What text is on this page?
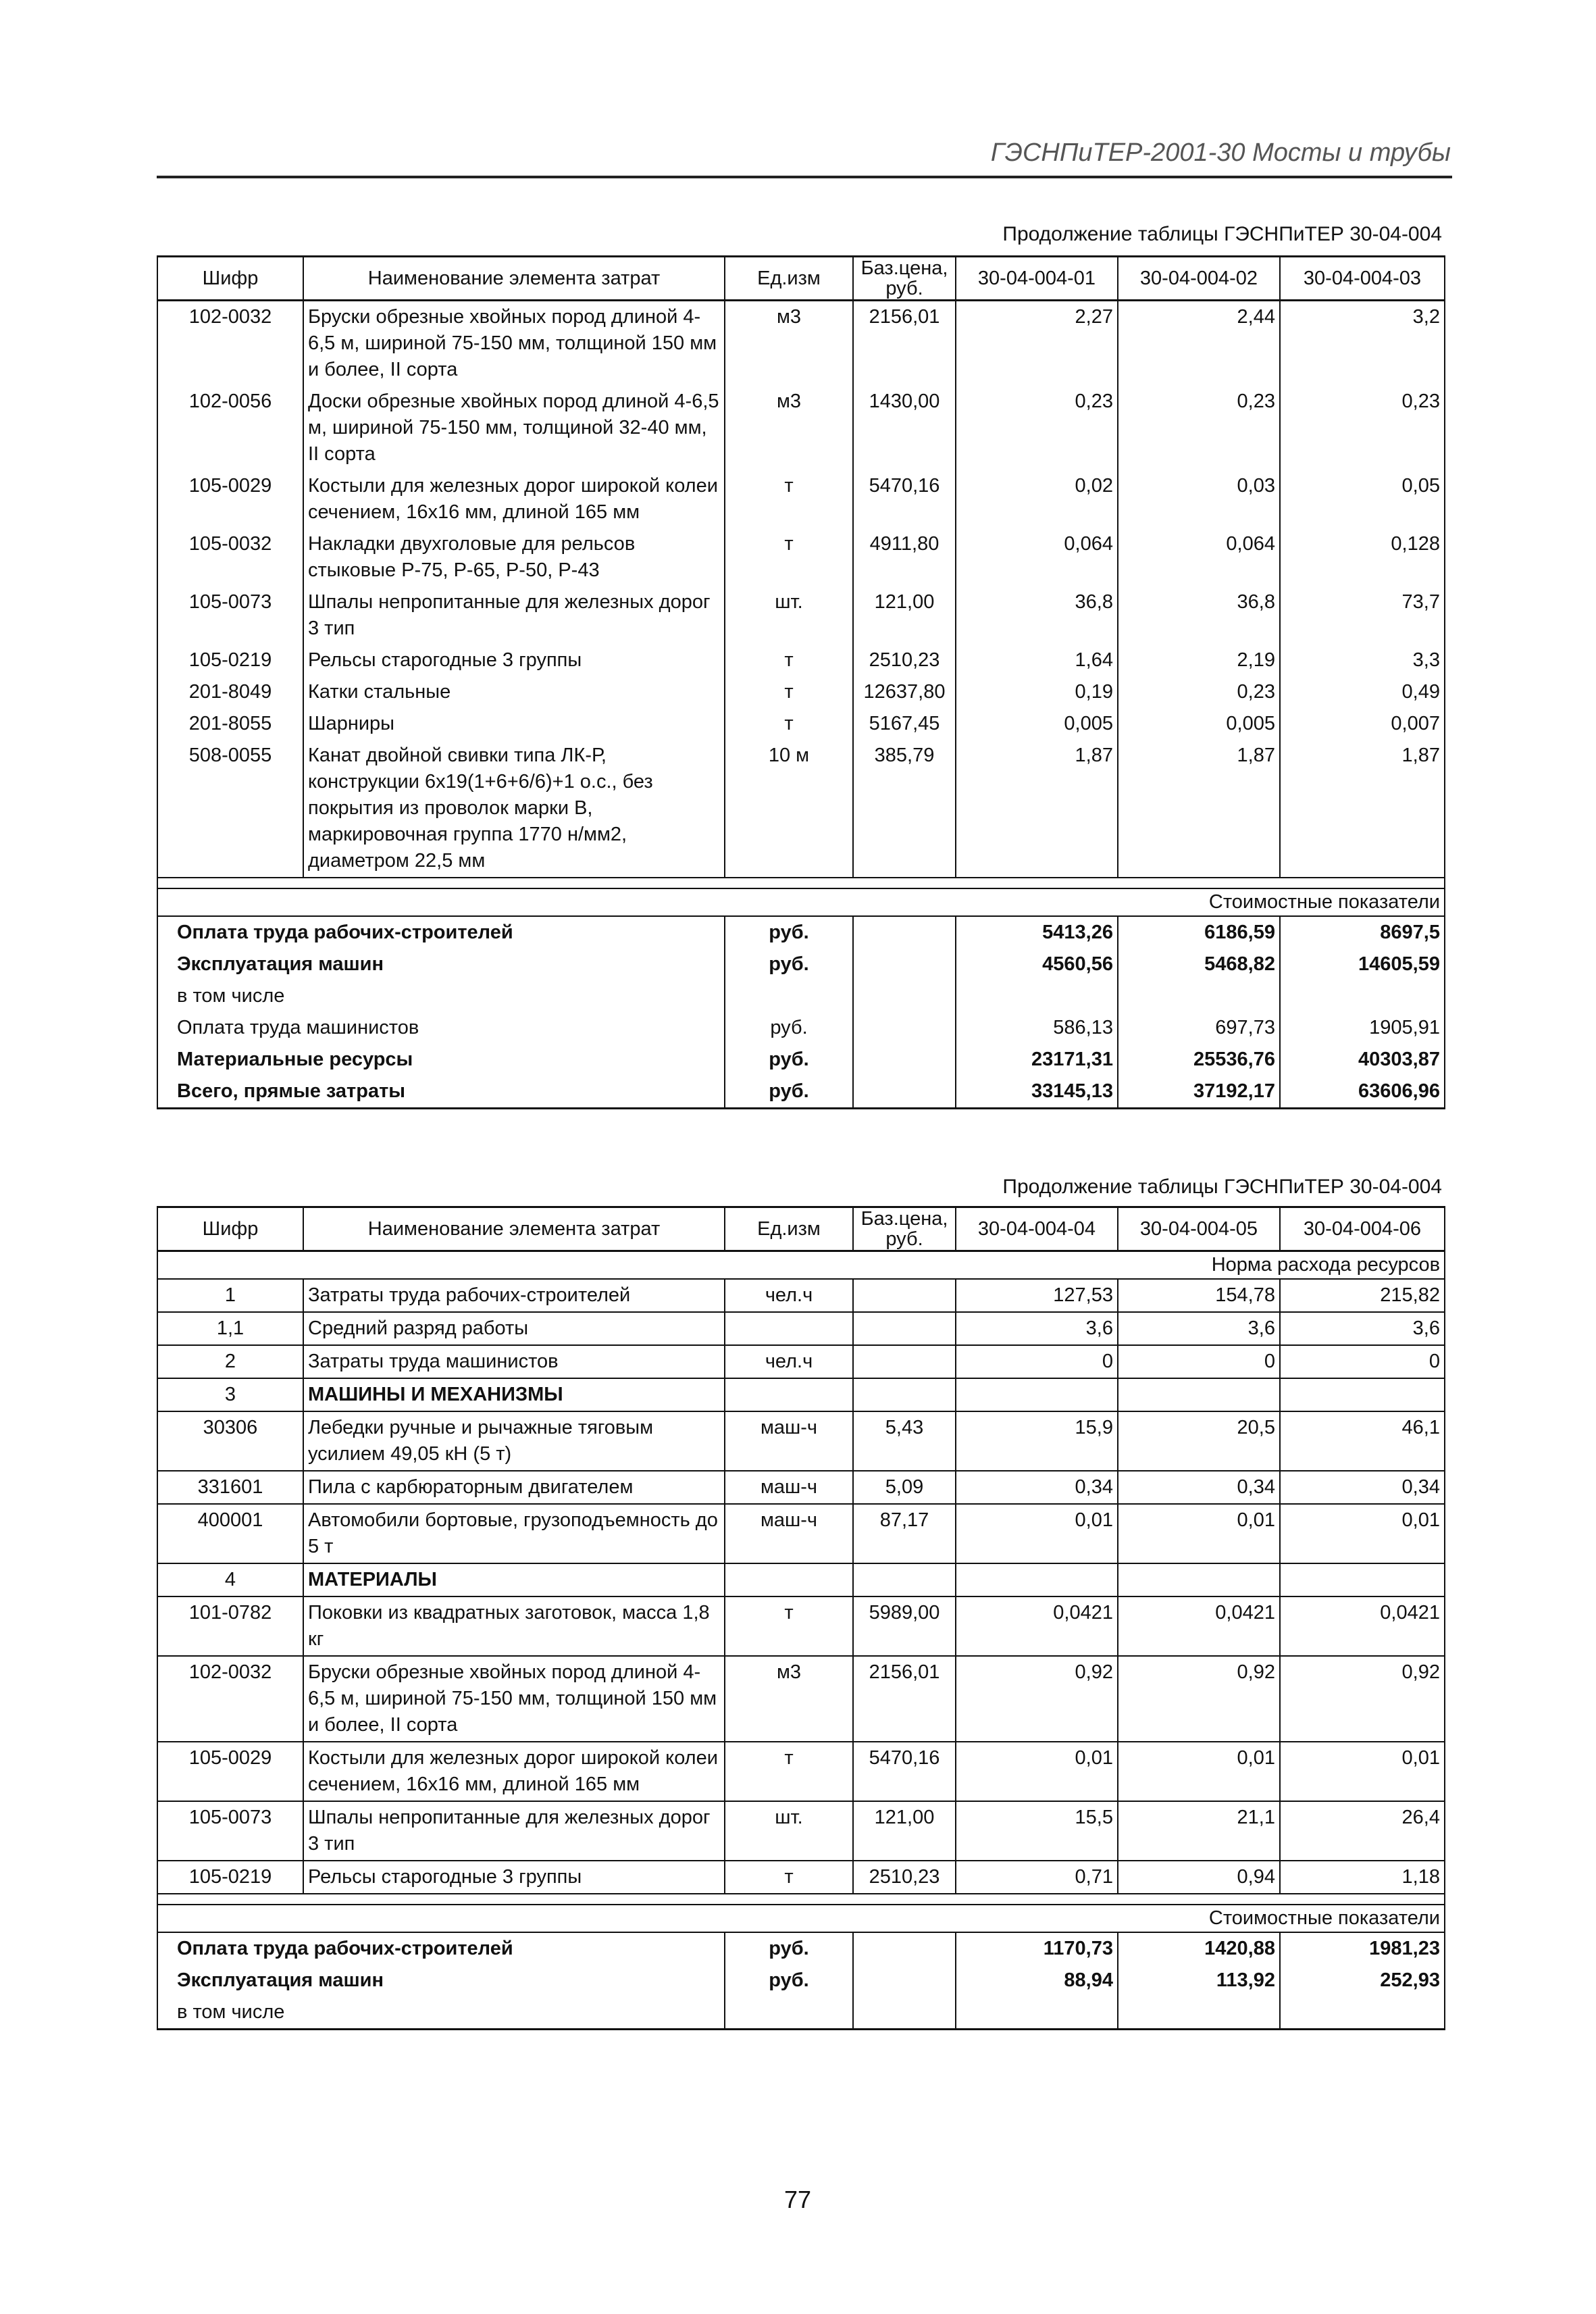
ГЭСНПиТЕР-2001-30 Мосты и трубы
Продолжение таблицы ГЭСНПиТЕР 30-04-004
Шифр	Наименование элемента затрат	Ед.изм	Баз.цена, руб.	30-04-004-01	30-04-004-02	30-04-004-03
102-0032	Бруски обрезные хвойных пород длиной 4-6,5 м, шириной 75-150 мм, толщиной 150 мм и более, II сорта	м3	2156,01	2,27	2,44	3,2
102-0056	Доски обрезные хвойных пород длиной 4-6,5 м, шириной 75-150 мм, толщиной 32-40 мм, II сорта	м3	1430,00	0,23	0,23	0,23
105-0029	Костыли для железных дорог широкой колеи сечением, 16х16 мм, длиной 165 мм	т	5470,16	0,02	0,03	0,05
105-0032	Накладки двухголовые для рельсов стыковые Р-75, Р-65, Р-50, Р-43	т	4911,80	0,064	0,064	0,128
105-0073	Шпалы непропитанные для железных дорог 3 тип	шт.	121,00	36,8	36,8	73,7
105-0219	Рельсы старогодные 3 группы	т	2510,23	1,64	2,19	3,3
201-8049	Катки стальные	т	12637,80	0,19	0,23	0,49
201-8055	Шарниры	т	5167,45	0,005	0,005	0,007
508-0055	Канат двойной свивки типа ЛК-Р, конструкции 6х19(1+6+6/6)+1 о.с., без покрытия из проволок марки В, маркировочная группа 1770 н/мм2, диаметром 22,5 мм	10 м	385,79	1,87	1,87	1,87

Стоимостные показатели						
Оплата труда рабочих-строителей		руб.		5413,26	6186,59	8697,5
Эксплуатация машин		руб.		4560,56	5468,82	14605,59
в том числе						
Оплата труда машинистов		руб.		586,13	697,73	1905,91
Материальные ресурсы		руб.		23171,31	25536,76	40303,87
Всего, прямые затраты		руб.		33145,13	37192,17	63606,96
Продолжение таблицы ГЭСНПиТЕР 30-04-004
Шифр	Наименование элемента затрат	Ед.изм	Баз.цена, руб.	30-04-004-04	30-04-004-05	30-04-004-06
Норма расхода ресурсов						
1	Затраты труда рабочих-строителей	чел.ч		127,53	154,78	215,82
1,1	Средний разряд работы			3,6	3,6	3,6
2	Затраты труда машинистов	чел.ч		0	0	0
3	МАШИНЫ И МЕХАНИЗМЫ					
30306	Лебедки ручные и рычажные тяговым усилием 49,05 кН (5 т)	маш-ч	5,43	15,9	20,5	46,1
331601	Пила с карбюраторным двигателем	маш-ч	5,09	0,34	0,34	0,34
400001	Автомобили бортовые, грузоподъемность до 5 т	маш-ч	87,17	0,01	0,01	0,01
4	МАТЕРИАЛЫ					
101-0782	Поковки из квадратных заготовок, масса 1,8 кг	т	5989,00	0,0421	0,0421	0,0421
102-0032	Бруски обрезные хвойных пород длиной 4-6,5 м, шириной 75-150 мм, толщиной 150 мм и более, II сорта	м3	2156,01	0,92	0,92	0,92
105-0029	Костыли для железных дорог широкой колеи сечением, 16х16 мм, длиной 165 мм	т	5470,16	0,01	0,01	0,01
105-0073	Шпалы непропитанные для железных дорог 3 тип	шт.	121,00	15,5	21,1	26,4
105-0219	Рельсы старогодные 3 группы	т	2510,23	0,71	0,94	1,18

Стоимостные показатели						
Оплата труда рабочих-строителей		руб.		1170,73	1420,88	1981,23
Эксплуатация машин		руб.		88,94	113,92	252,93
в том числе						
77
